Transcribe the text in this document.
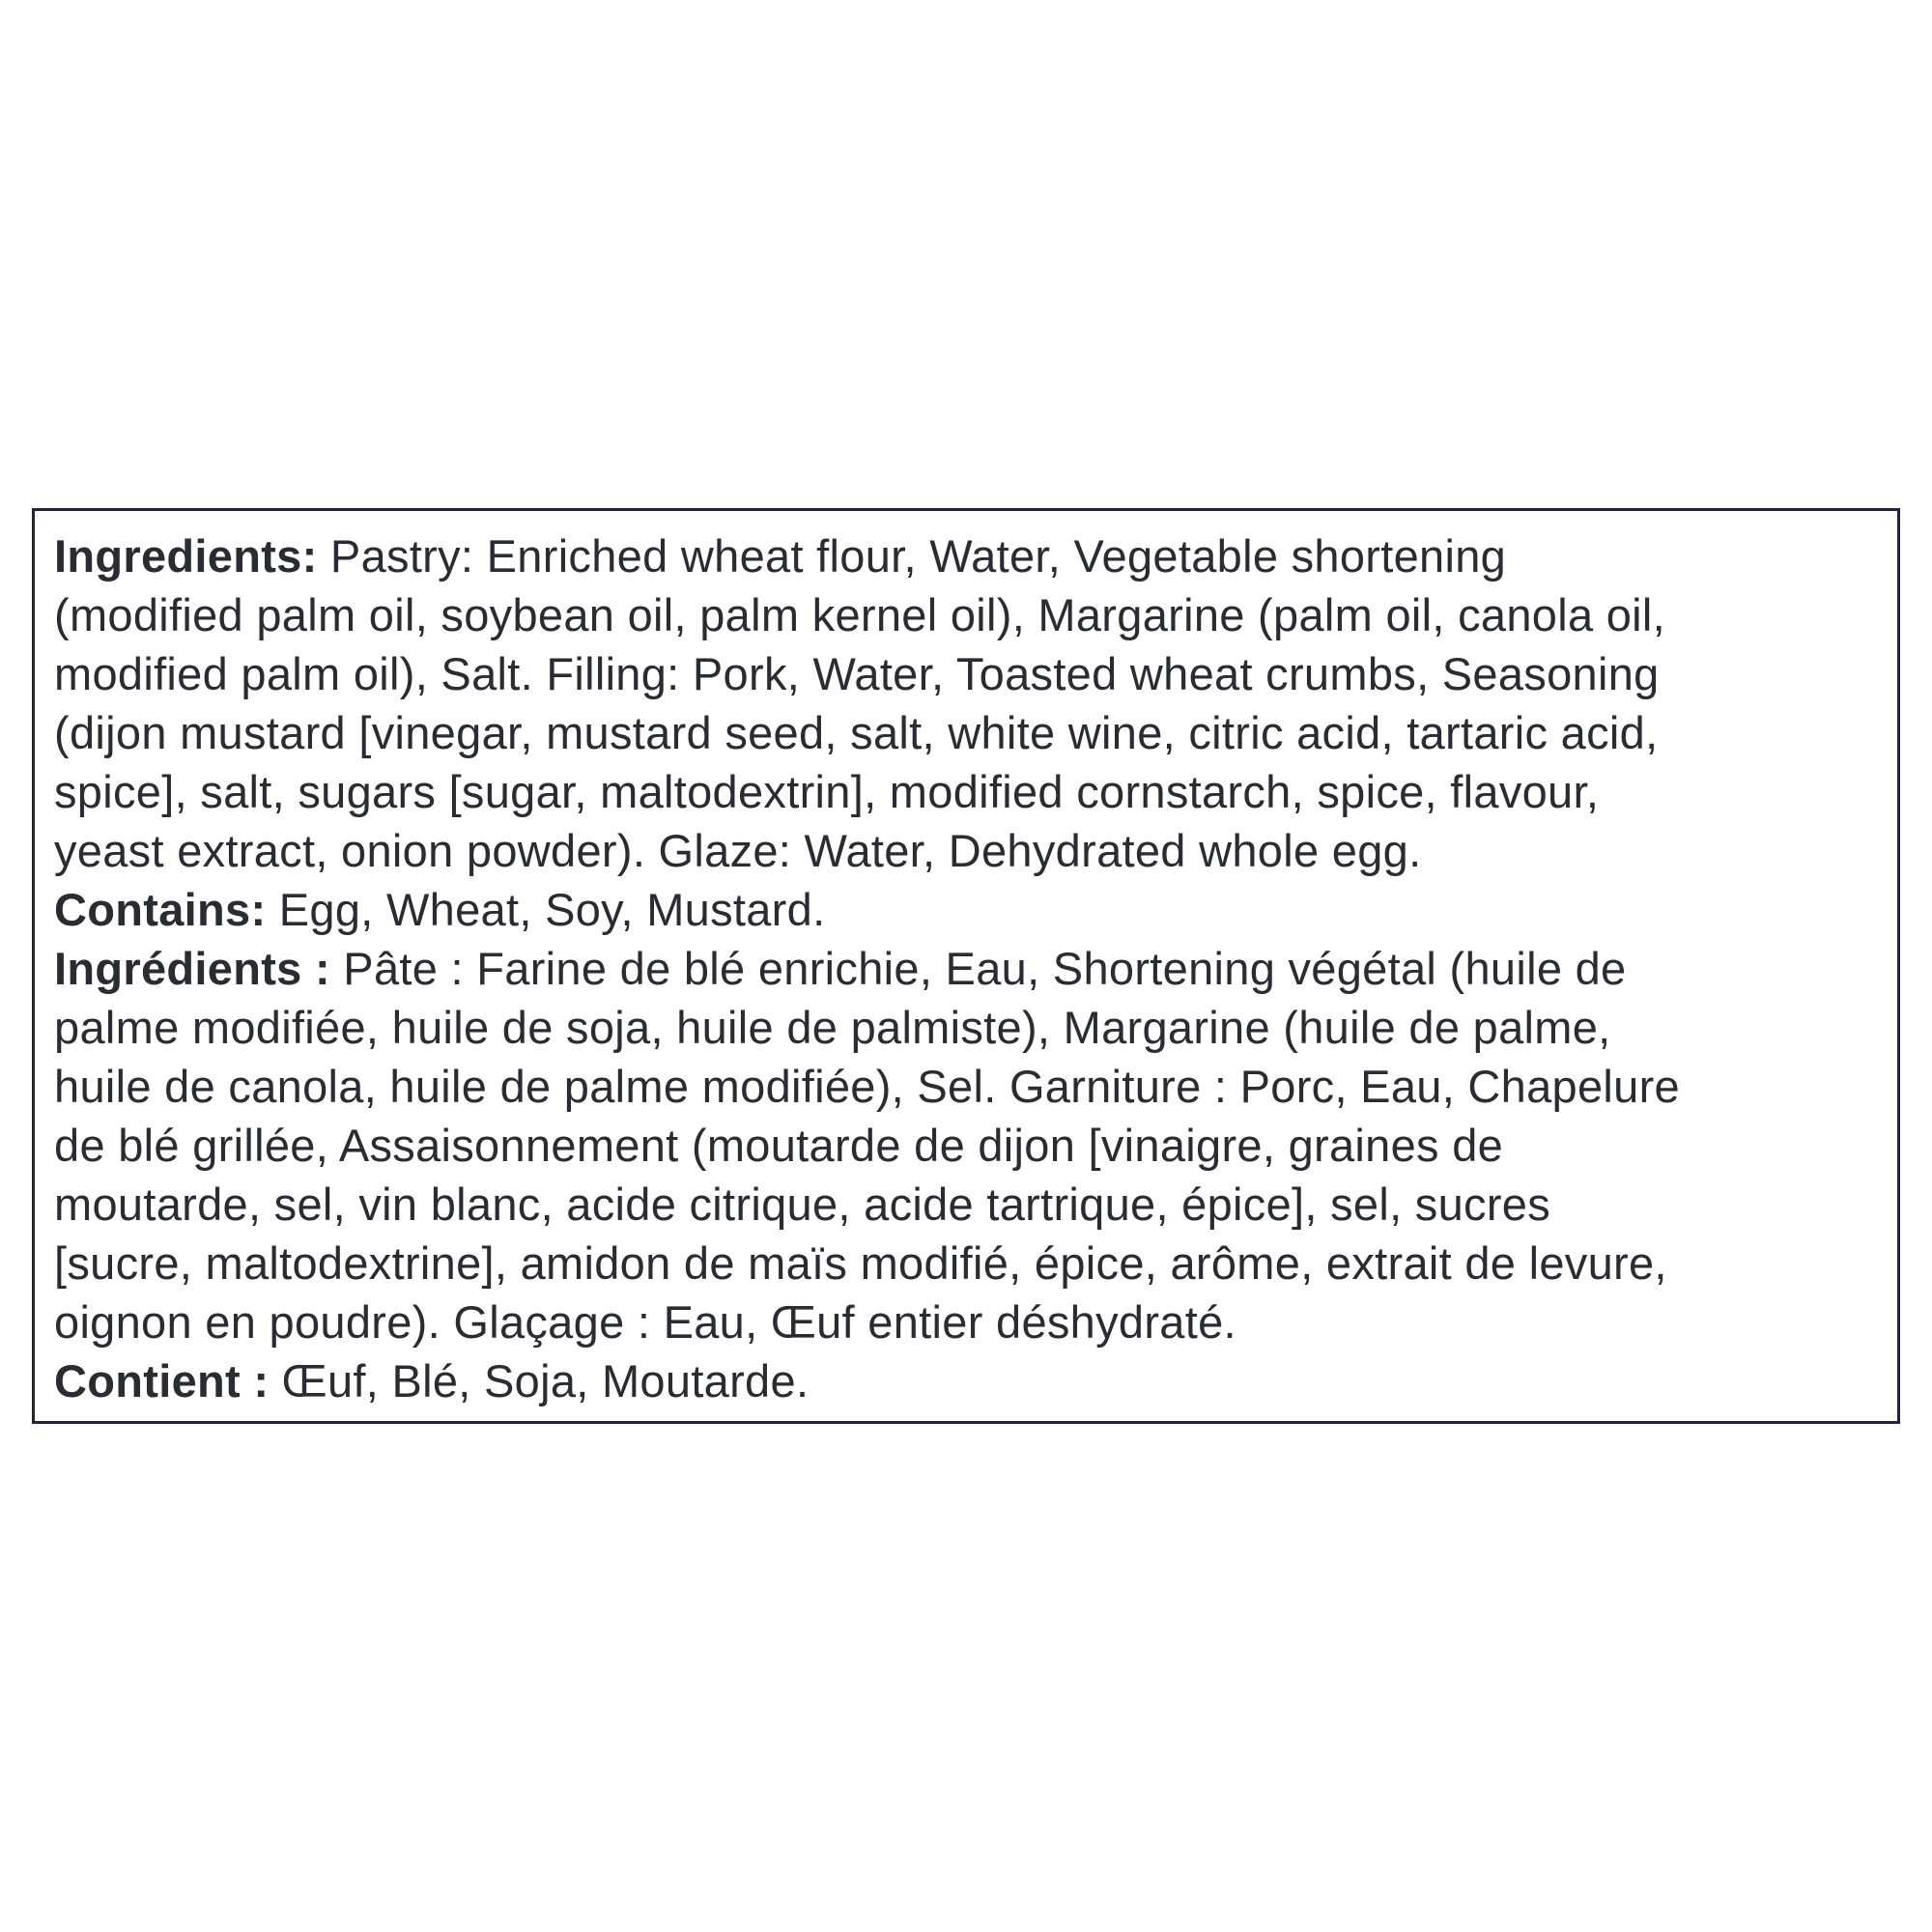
Ingredients: Pastry: Enriched wheat flour, Water, Vegetable shortening
(modified palm oil, soybean oil, palm kernel oil), Margarine (palm oil, canola oil,
modified palm oil), Salt. Filling: Pork, Water, Toasted wheat crumbs, Seasoning
(dijon mustard [vinegar, mustard seed, salt, white wine, citric acid, tartaric acid,
spice], salt, sugars [sugar, maltodextrin], modified cornstarch, spice, flavour,
yeast extract, onion powder). Glaze: Water, Dehydrated whole egg.
Contains: Egg, Wheat, Soy, Mustard.
Ingrédients : Pâte : Farine de blé enrichie, Eau, Shortening végétal (huile de
palme modifiée, huile de soja, huile de palmiste), Margarine (huile de palme,
huile de canola, huile de palme modifiée), Sel. Garniture : Porc, Eau, Chapelure
de blé grillée, Assaisonnement (moutarde de dijon [vinaigre, graines de
moutarde, sel, vin blanc, acide citrique, acide tartrique, épice], sel, sucres
[sucre, maltodextrine], amidon de maïs modifié, épice, arôme, extrait de levure,
oignon en poudre). Glaçage : Eau, Œuf entier déshydraté.
Contient : Œuf, Blé, Soja, Moutarde.
